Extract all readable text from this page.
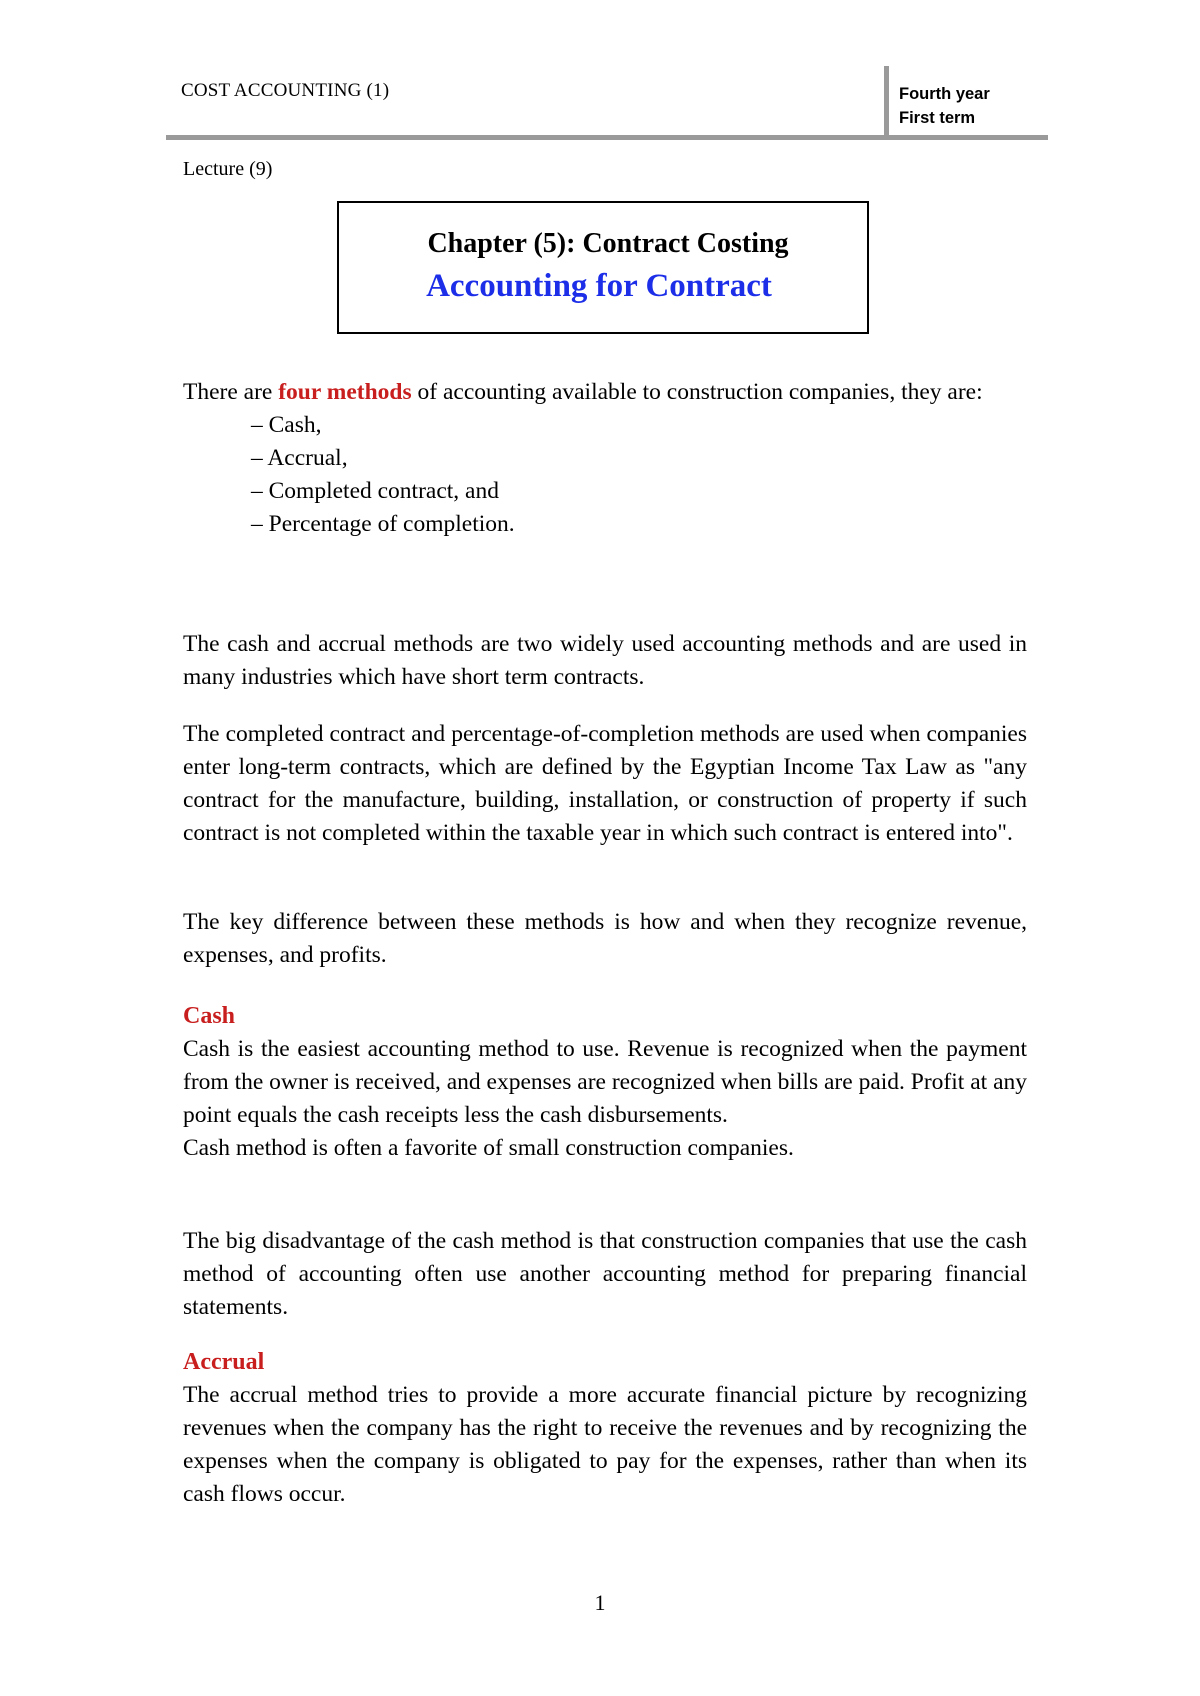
COST ACCOUNTING (1)	Fourth year
First term
Lecture (9)
Chapter (5): Contract Costing
Accounting for Contract

There are four methods of accounting available to construction companies, they are:

– Cash,
– Accrual,
– Completed contract, and
– Percentage of completion.
The cash and accrual methods are two widely used accounting methods and are used in many industries which have short term contracts.
The completed contract and percentage-of-completion methods are used when companies enter long-term contracts, which are defined by the Egyptian Income Tax Law as "any contract for the manufacture, building, installation, or construction of property if such contract is not completed within the taxable year in which such contract is entered into".
The key difference between these methods is how and when they recognize revenue, expenses, and profits.

Cash

Cash is the easiest accounting method to use. Revenue is recognized when the payment from the owner is received, and expenses are recognized when bills are paid. Profit at any point equals the cash receipts less the cash disbursements.

Cash method is often a favorite of small construction companies.

The big disadvantage of the cash method is that construction companies that use the cash method of accounting often use another accounting method for preparing financial statements.

Accrual

The accrual method tries to provide a more accurate financial picture by recognizing revenues when the company has the right to receive the revenues and by recognizing the expenses when the company is obligated to pay for the expenses, rather than when its cash flows occur.

1
